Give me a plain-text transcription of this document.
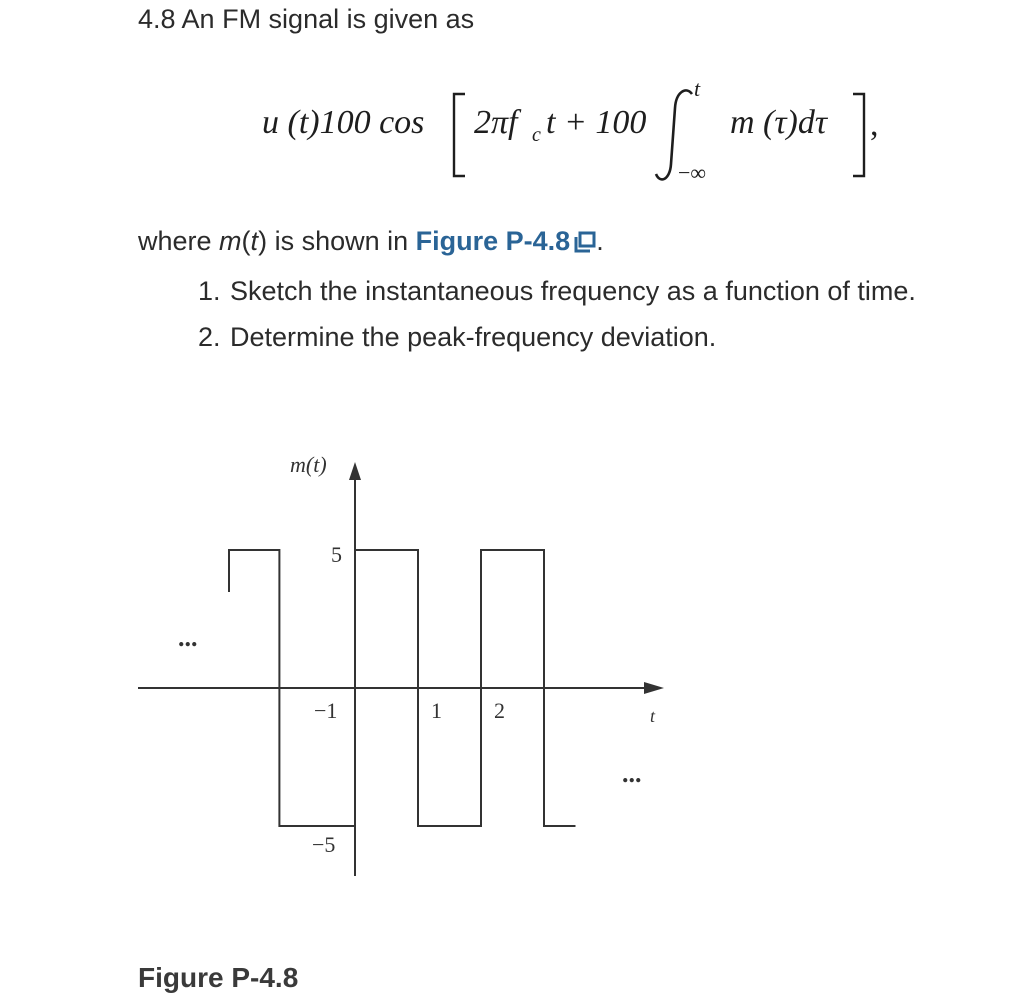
4.8 An FM signal is given as
u (t)100 cos 2πf c t + 100
t
−∞
m (τ)dτ ,
where m(t) is shown in Figure P-4.8 .
1. Sketch the instantaneous frequency as a function of time.
2. Determine the peak-frequency deviation.
m(t)
t
5
−1	1 2
−5
...
...
Figure P-4.8
